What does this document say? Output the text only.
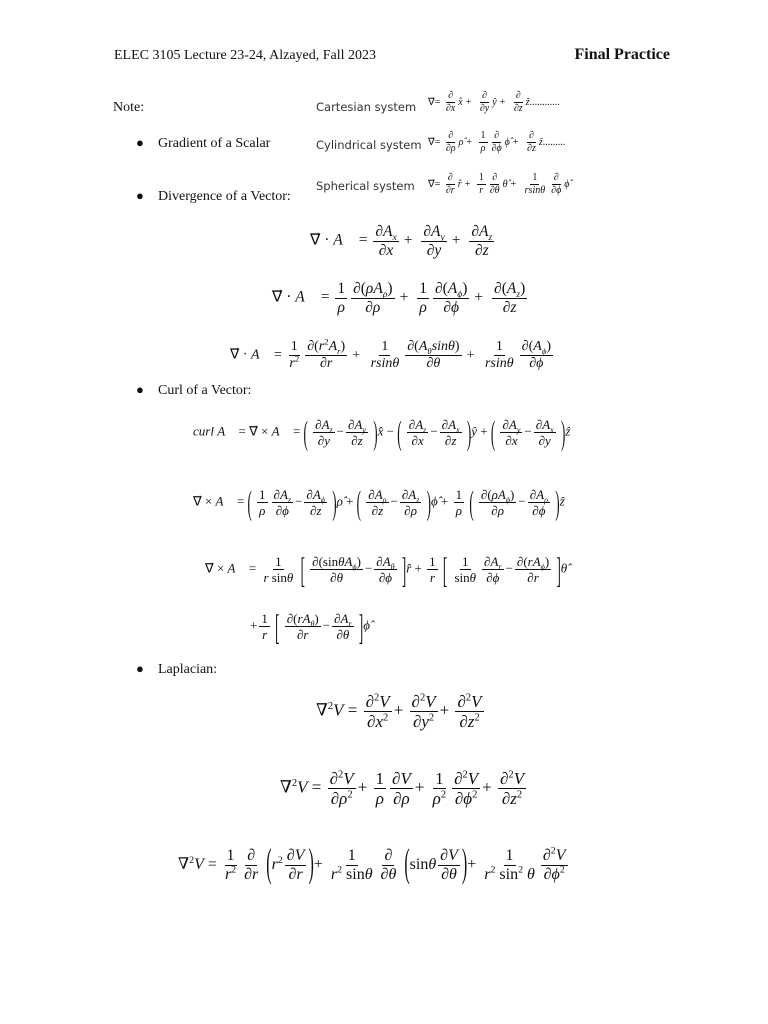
ELEC 3105 Lecture 23-24, Alzayed, Fall 2023	Final Practice
Note:
● Gradient of a Scalar
● Divergence of a Vector:
● Curl of a Vector:
● Laplacian:
Cartesian system
Cylindrical system
Spherical system
∇⃗= $\frac{\partial}{\partial x}$ x̂ + $\frac{\partial}{\partial y}$ ŷ + $\frac{\partial}{\partial z}$ ẑ............
∇⃗= $\frac{\partial}{\partial\rho}$ ρ̂ + $\frac{1}{\rho} \frac{\partial}{\partial\phi}$ ϕ̂ + $\frac{\partial}{\partial z}$ ẑ.........
∇⃗= $\frac{\partial}{\partial r}$ r̂ + $\frac{1}{r} \frac{\partial}{\partial\theta}$ θ̂ + $\frac{1}{rsin\theta} \frac{\partial}{\partial\phi}$ ϕ̂
∇⃗ · A⃗ = $\frac{\partial A_x}{\partial x} + \frac{\partial A_y}{\partial y} + \frac{\partial A_z}{\partial z}$
∇⃗ · A⃗ = $\frac{1}{\rho} \frac{\partial(\rho A_\rho)}{\partial\rho} + \frac{1}{\rho} \frac{\partial(A_\phi)}{\partial\phi} + \frac{\partial(A_z)}{\partial z}$
∇⃗ · A⃗ = $\frac{1}{r^2} \frac{\partial(r^2A_r)}{\partial r} + \frac{1}{rsin\theta} \frac{\partial(A_\theta\sin\theta)}{\partial\theta} + \frac{1}{rsin\theta} \frac{\partial(A_\phi)}{\partial\phi}$
curl A⃗ = ∇⃗ × A⃗ = ( $\frac{\partial A_z}{\partial y} - \frac{\partial A_y}{\partial z}$ )x̂ − ( $\frac{\partial A_z}{\partial x} - \frac{\partial A_x}{\partial z}$ )ŷ + ( $\frac{\partial A_y}{\partial x} - \frac{\partial A_x}{\partial y}$ )ẑ
∇⃗ × A⃗ = ( $\frac{1}{\rho} \frac{\partial A_z}{\partial\phi} - \frac{\partial A_\phi}{\partial z}$ )ρ̂ + ( $\frac{\partial A_\rho}{\partial z} - \frac{\partial A_z}{\partial\rho}$ )ϕ̂ + $\frac{1}{\rho}$ ( $\frac{\partial(\rho A_\phi)}{\partial\rho} - \frac{\partial A_\rho}{\partial\phi}$ )ẑ
∇⃗ × A⃗ = $\frac{1}{\text{r sinθ}}$ [ $\frac{\partial(\sin\theta A_\phi)}{\partial\theta} - \frac{\partial A_\theta}{\partial\phi}$ ]r̂ + $\frac{1}{r}$ [ $\frac{1}{\sin\theta} \frac{\partial A_r}{\partial\phi} - \frac{\partial(rA_\phi)}{\partial r}$ ]θ̂
+ $\frac{1}{r}$ [ $\frac{\partial(rA_\theta)}{\partial r} - \frac{\partial A_r}{\partial\theta}$ ]ϕ̂
$\nabla^2V = \frac{\partial^2V}{\partial x^2} + \frac{\partial^2V}{\partial y^2} + \frac{\partial^2V}{\partial z^2}$
$\nabla^2V = \frac{\partial^2V}{\partial\rho^2} + \frac{1}{\rho} \frac{\partial V}{\partial\rho} + \frac{1}{\rho^2} \frac{\partial^2V}{\partial\phi^2} + \frac{\partial^2V}{\partial z^2}$
$\nabla^2V = \frac{1}{r^2} \frac{\partial}{\partial r} (r^2 \frac{\partial V}{\partial r}$ )+ $\frac{1}{r^2 \sin\theta} \frac{\partial}{\partial\theta} (\sin\theta \frac{\partial V}{\partial\theta}$ )+ $\frac{1}{r^2 \sin^2 \theta} \frac{\partial^2V}{\partial\phi^2}$
